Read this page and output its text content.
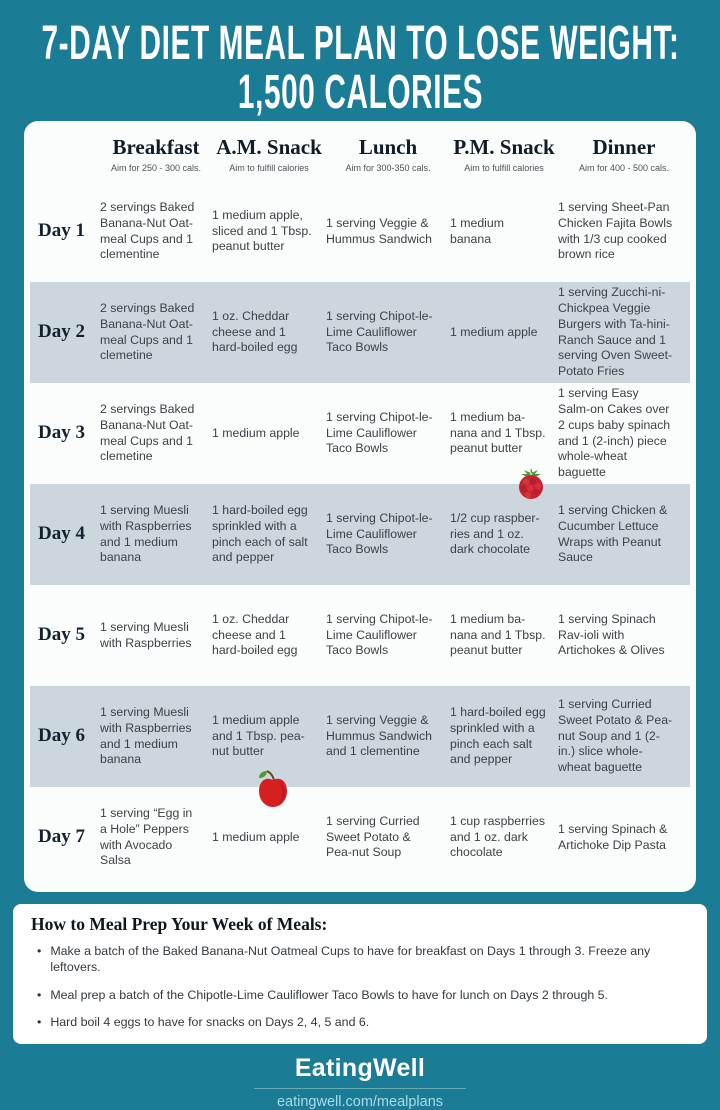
7-DAY DIET MEAL PLAN TO LOSE WEIGHT:
1,500 CALORIES
Breakfast
Aim for 250 - 300 cals.
A.M. Snack
Aim to fulfill calories
Lunch
Aim for 300-350 cals.
P.M. Snack
Aim to fulfill calories
Dinner
Aim for 400 - 500 cals.
Day 1
2 servings Baked Banana-Nut Oat-meal Cups and 1 clementine
1 medium apple, sliced and 1 Tbsp. peanut butter
1 serving Veggie & Hummus Sandwich
1 medium banana
1 serving Sheet-Pan Chicken Fajita Bowls with 1/3 cup cooked brown rice
Day 2
2 servings Baked Banana-Nut Oat-meal Cups and 1 clemetine
1 oz. Cheddar cheese and 1 hard-boiled egg
1 serving Chipot-le-Lime Cauliflower Taco Bowls
1 medium apple
1 serving Zucchi-ni-Chickpea Veggie Burgers with Ta-hini-Ranch Sauce and 1 serving Oven Sweet-Potato Fries
Day 3
2 servings Baked Banana-Nut Oat-meal Cups and 1 clemetine
1 medium apple
1 serving Chipot-le-Lime Cauliflower Taco Bowls
1 medium ba-nana and 1 Tbsp. peanut butter
1 serving Easy Salm-on Cakes over 2 cups baby spinach and 1 (2-inch) piece whole-wheat baguette
Day 4
1 serving Muesli with Raspberries and 1 medium banana
1 hard-boiled egg sprinkled with a pinch each of salt and pepper
1 serving Chipot-le-Lime Cauliflower Taco Bowls
1/2 cup raspber-ries and 1 oz. dark chocolate
1 serving Chicken & Cucumber Lettuce Wraps with Peanut Sauce
Day 5	1 serving Muesli with Raspberries
1 oz. Cheddar cheese and 1 hard-boiled egg
1 serving Chipot-le-Lime Cauliflower Taco Bowls
1 medium ba-nana and 1 Tbsp. peanut butter
1 serving Spinach Rav-ioli with Artichokes & Olives
Day 6
1 serving Muesli with Raspberries and 1 medium banana
1 medium apple and 1 Tbsp. pea-nut butter
1 serving Veggie & Hummus Sandwich and 1 clementine
1 hard-boiled egg sprinkled with a pinch each salt and pepper
1 serving Curried Sweet Potato & Pea-nut Soup and 1 (2-in.) slice whole-wheat baguette
Day 7
1 serving “Egg in a Hole” Peppers with Avocado Salsa
1 medium apple
1 serving Curried Sweet Potato & Pea-nut Soup
1 cup raspberries and 1 oz. dark chocolate
1 serving Spinach & Artichoke Dip Pasta
How to Meal Prep Your Week of Meals:
• Make a batch of the Baked Banana-Nut Oatmeal Cups to have for breakfast on Days 1 through 3. Freeze any leftovers.
• Meal prep a batch of the Chipotle-Lime Cauliflower Taco Bowls to have for lunch on Days 2 through 5.
• Hard boil 4 eggs to have for snacks on Days 2, 4, 5 and 6.
EatingWell
eatingwell.com/mealplans
